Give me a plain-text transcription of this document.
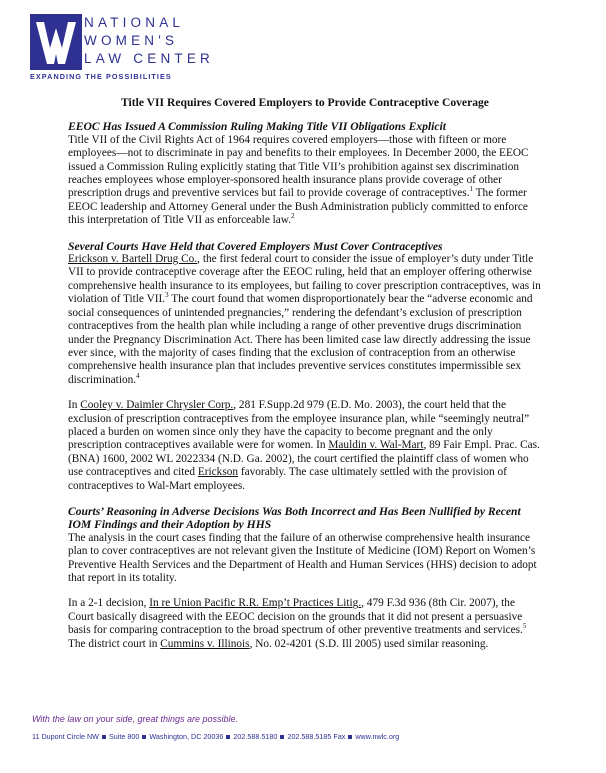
NATIONAL
WOMEN'S
LAW CENTER
EXPANDING THE POSSIBILITIES
Title VII Requires Covered Employers to Provide Contraceptive Coverage
EEOC Has Issued A Commission Ruling Making Title VII Obligations Explicit

Title VII of the Civil Rights Act of 1964 requires covered employers—those with fifteen or more employees—not to discriminate in pay and benefits to their employees. In December 2000, the EEOC issued a Commission Ruling explicitly stating that Title VII’s prohibition against sex discrimination reaches employees whose employer-sponsored health insurance plans provide coverage of other prescription drugs and preventive services but fail to provide coverage of contraceptives.$^1$ The former EEOC leadership and Attorney General under the Bush Administration publicly committed to enforce this interpretation of Title VII as enforceable law.$^2$

Several Courts Have Held that Covered Employers Must Cover Contraceptives

Erickson v. Bartell Drug Co., the first federal court to consider the issue of employer’s duty under Title VII to provide contraceptive coverage after the EEOC ruling, held that an employer offering otherwise comprehensive health insurance to its employees, but failing to cover prescription contraceptives, was in violation of Title VII.$^3$ The court found that women disproportionately bear the “adverse economic and social consequences of unintended pregnancies,” rendering the defendant’s exclusion of prescription contraceptives from the health plan while including a range of other preventive drugs discrimination under the Pregnancy Discrimination Act. There has been limited case law directly addressing the issue ever since, with the majority of cases finding that the exclusion of contraception from an otherwise comprehensive health insurance plan that includes preventive services constitutes impermissible sex discrimination.$^4$

In Cooley v. Daimler Chrysler Corp., 281 F.Supp.2d 979 (E.D. Mo. 2003), the court held that the exclusion of prescription contraceptives from the employee insurance plan, while “seemingly neutral” placed a burden on women since only they have the capacity to become pregnant and the only prescription contraceptives available were for women. In Mauldin v. Wal-Mart, 89 Fair Empl. Prac. Cas. (BNA) 1600, 2002 WL 2022334 (N.D. Ga. 2002), the court certified the plaintiff class of women who use contraceptives and cited Erickson favorably. The case ultimately settled with the provision of contraceptives to Wal-Mart employees.

Courts’ Reasoning in Adverse Decisions Was Both Incorrect and Has Been Nullified by Recent IOM Findings and their Adoption by HHS

The analysis in the court cases finding that the failure of an otherwise comprehensive health insurance plan to cover contraceptives are not relevant given the Institute of Medicine (IOM) Report on Women’s Preventive Health Services and the Department of Health and Human Services (HHS) decision to adopt that report in its totality.

In a 2-1 decision, In re Union Pacific R.R. Emp’t Practices Litig., 479 F.3d 936 (8th Cir. 2007), the Court basically disagreed with the EEOC decision on the grounds that it did not present a persuasive basis for comparing contraception to the broad spectrum of other preventive treatments and services.$^5$ The district court in Cummins v. Illinois, No. 02-4201 (S.D. Ill 2005) used similar reasoning.

With the law on your side, great things are possible.
11 Dupont Circle NW Suite 800 Washington, DC 20036 202.588.5180 202.588.5185 Fax www.nwlc.org
